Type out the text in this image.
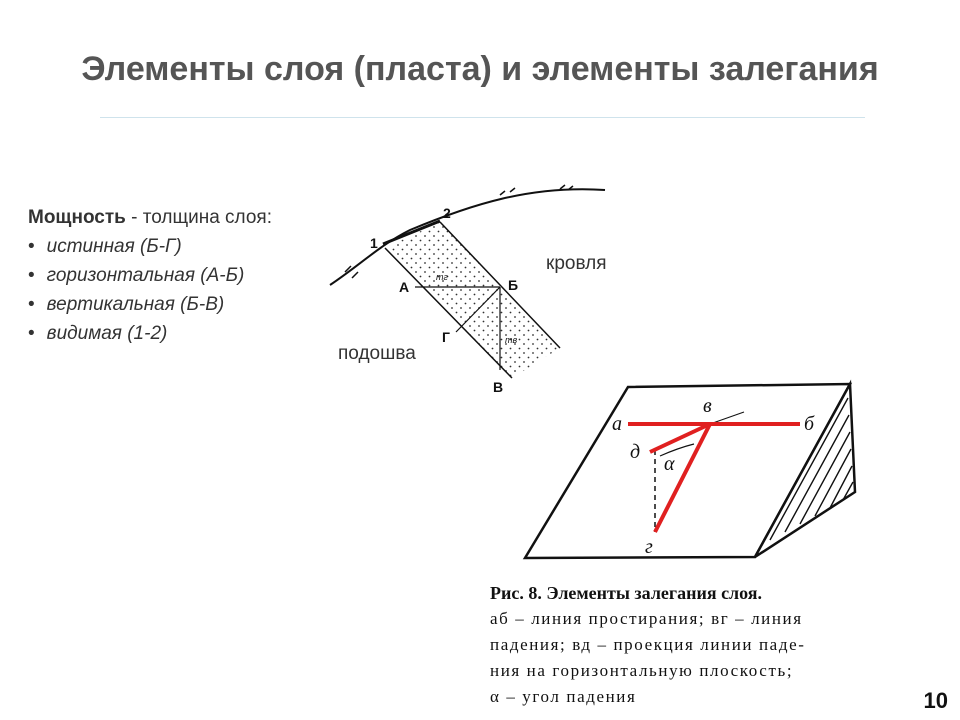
Элементы слоя (пласта) и элементы залегания
Мощность - толщина слоя:
• истинная (Б-Г)
• горизонтальная (А-Б)
• вертикальная (Б-В)
• видимая (1-2)
1
2
А	Б
Г
В
mг
mв
кровля
подошва
а	б
в
д
г
α
Рис. 8. Элементы залегания слоя.
аб – линия простирания; вг – линия
падения; вд – проекция линии паде-
ния на горизонтальную плоскость;
α – угол падения	10
